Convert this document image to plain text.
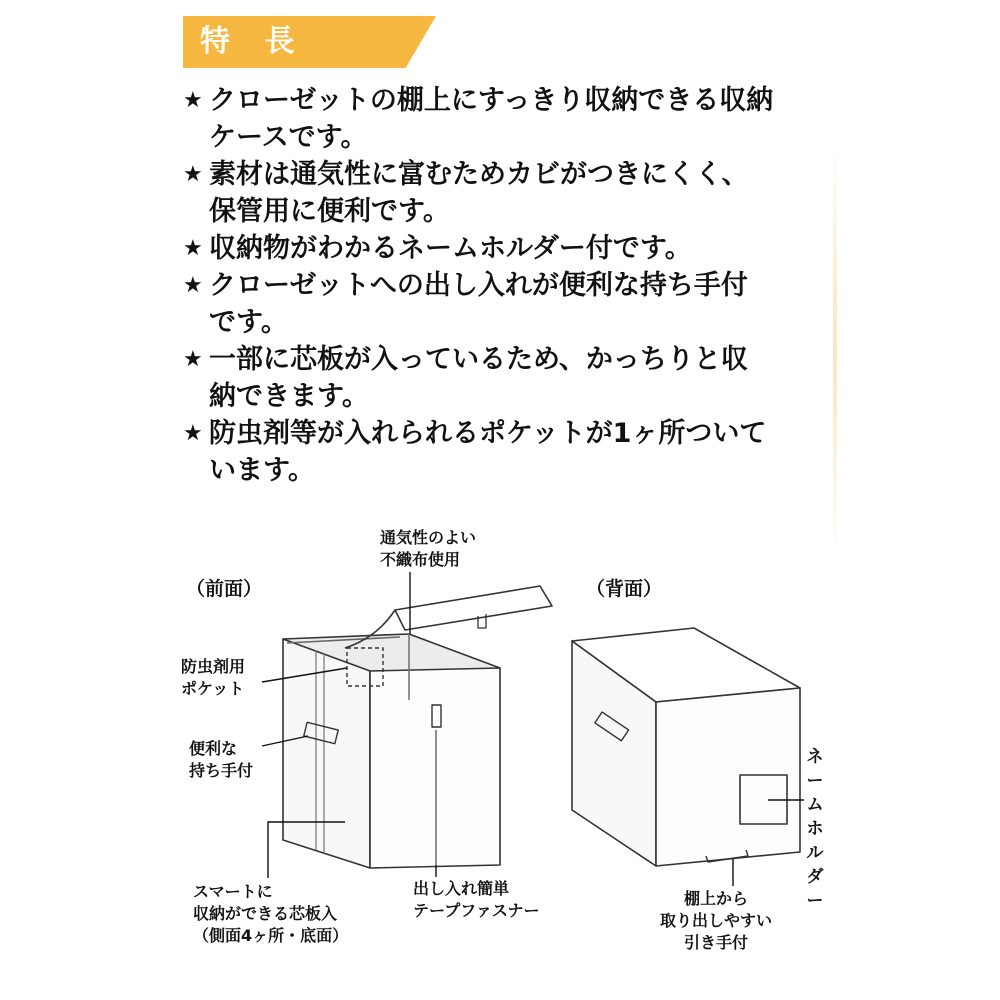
特 長
★ クローゼットの棚上にすっきり収納できる収納
ケースです。
★ 素材は通気性に富むためカビがつきにくく、
保管用に便利です。
★ 収納物がわかるネームホルダー付です。
★ クローゼットへの出し入れが便利な持ち手付
です。
★ 一部に芯板が入っているため、かっちりと収
納できます。
★ 防虫剤等が入れられるポケットが1ヶ所ついて
います。
（前面）	（背面）
通気性のよい
不織布使用
防虫剤用
ポケット
便利な
持ち手付
スマートに
収納ができる芯板入
（側面4ヶ所・底面）
出し入れ簡単
テープファスナー
棚上から
取り出しやすい
引き手付
ネ
ー
ム
ホ
ル
ダ
ー
